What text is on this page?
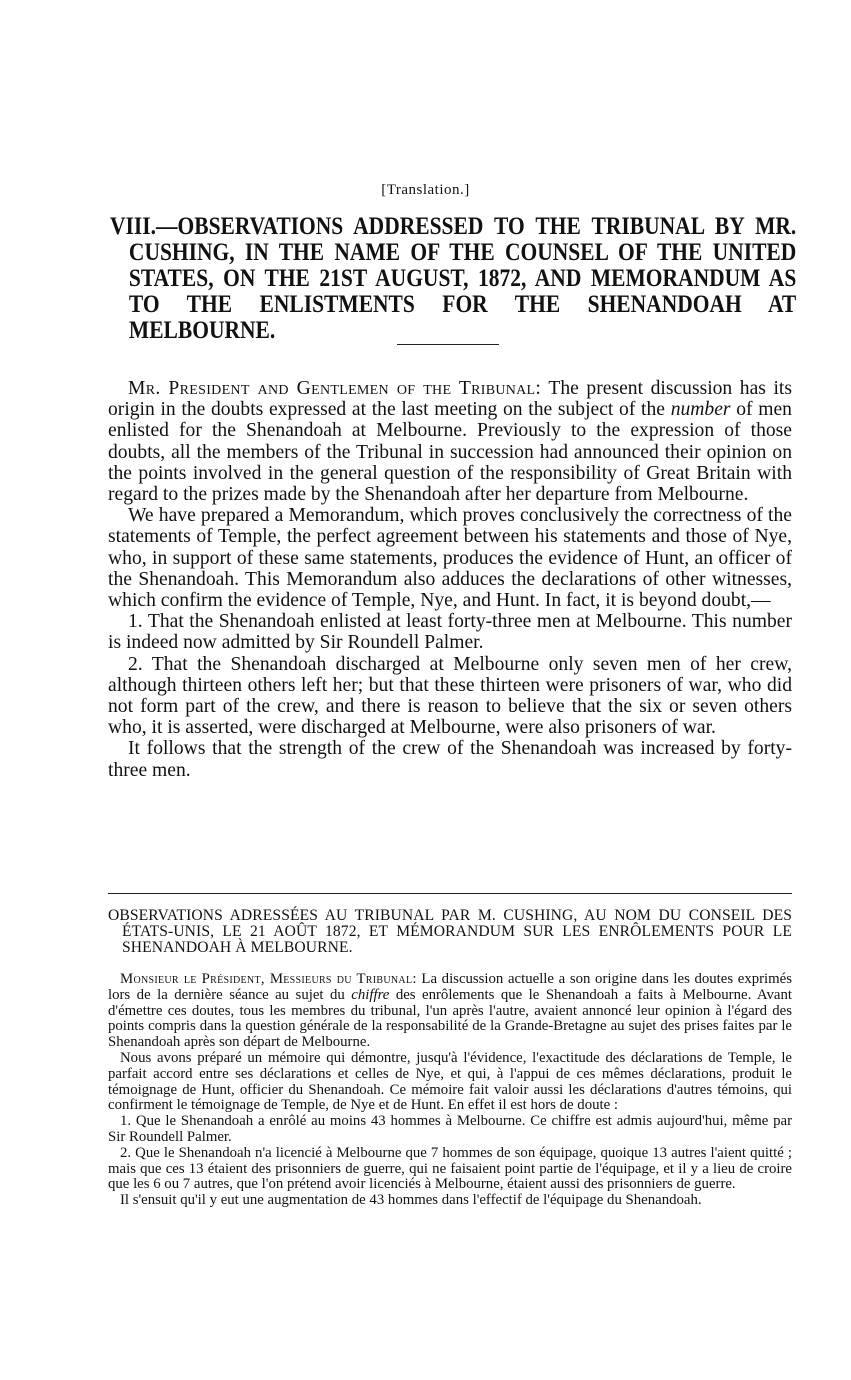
[Translation.]

VIII.—OBSERVATIONS ADDRESSED TO THE TRIBUNAL BY MR. CUSHING, IN THE NAME OF THE COUNSEL OF THE UNITED STATES, ON THE 21ST AUGUST, 1872, AND MEMORANDUM AS TO THE ENLISTMENTS FOR THE SHENANDOAH AT MELBOURNE.

Mr. President and Gentlemen of the Tribunal: The present discussion has its origin in the doubts expressed at the last meeting on the subject of the number of men enlisted for the Shenandoah at Melbourne. Previously to the expression of those doubts, all the members of the Tribunal in succession had announced their opinion on the points involved in the general question of the responsibility of Great Britain with regard to the prizes made by the Shenandoah after her departure from Melbourne.

We have prepared a Memorandum, which proves conclusively the correctness of the statements of Temple, the perfect agreement between his statements and those of Nye, who, in support of these same statements, produces the evidence of Hunt, an officer of the Shenandoah. This Memorandum also adduces the declarations of other witnesses, which confirm the evidence of Temple, Nye, and Hunt. In fact, it is beyond doubt,—

1. That the Shenandoah enlisted at least forty-three men at Melbourne. This number is indeed now admitted by Sir Roundell Palmer.

2. That the Shenandoah discharged at Melbourne only seven men of her crew, although thirteen others left her; but that these thirteen were prisoners of war, who did not form part of the crew, and there is reason to believe that the six or seven others who, it is asserted, were discharged at Melbourne, were also prisoners of war.

It follows that the strength of the crew of the Shenandoah was increased by forty-three men.

OBSERVATIONS ADRESSÉES AU TRIBUNAL PAR M. CUSHING, AU NOM DU CONSEIL DES ÉTATS-UNIS, LE 21 AOÛT 1872, ET MÉMORANDUM SUR LES ENRÔLEMENTS POUR LE SHENANDOAH À MELBOURNE.

Monsieur le Président, Messieurs du Tribunal: La discussion actuelle a son origine dans les doutes exprimés lors de la dernière séance au sujet du chiffre des enrôlements que le Shenandoah a faits à Melbourne. Avant d'émettre ces doutes, tous les membres du tribunal, l'un après l'autre, avaient annoncé leur opinion à l'égard des points compris dans la question générale de la responsabilité de la Grande-Bretagne au sujet des prises faites par le Shenandoah après son départ de Melbourne.

Nous avons préparé un mémoire qui démontre, jusqu'à l'évidence, l'exactitude des déclarations de Temple, le parfait accord entre ses déclarations et celles de Nye, et qui, à l'appui de ces mêmes déclarations, produit le témoignage de Hunt, officier du Shenandoah. Ce mémoire fait valoir aussi les déclarations d'autres témoins, qui confirment le témoignage de Temple, de Nye et de Hunt. En effet il est hors de doute :

1. Que le Shenandoah a enrôlé au moins 43 hommes à Melbourne. Ce chiffre est admis aujourd'hui, même par Sir Roundell Palmer.

2. Que le Shenandoah n'a licencié à Melbourne que 7 hommes de son équipage, quoique 13 autres l'aient quitté ; mais que ces 13 étaient des prisonniers de guerre, qui ne faisaient point partie de l'équipage, et il y a lieu de croire que les 6 ou 7 autres, que l'on prétend avoir licenciés à Melbourne, étaient aussi des prisonniers de guerre.

Il s'ensuit qu'il y eut une augmentation de 43 hommes dans l'effectif de l'équipage du Shenandoah.
